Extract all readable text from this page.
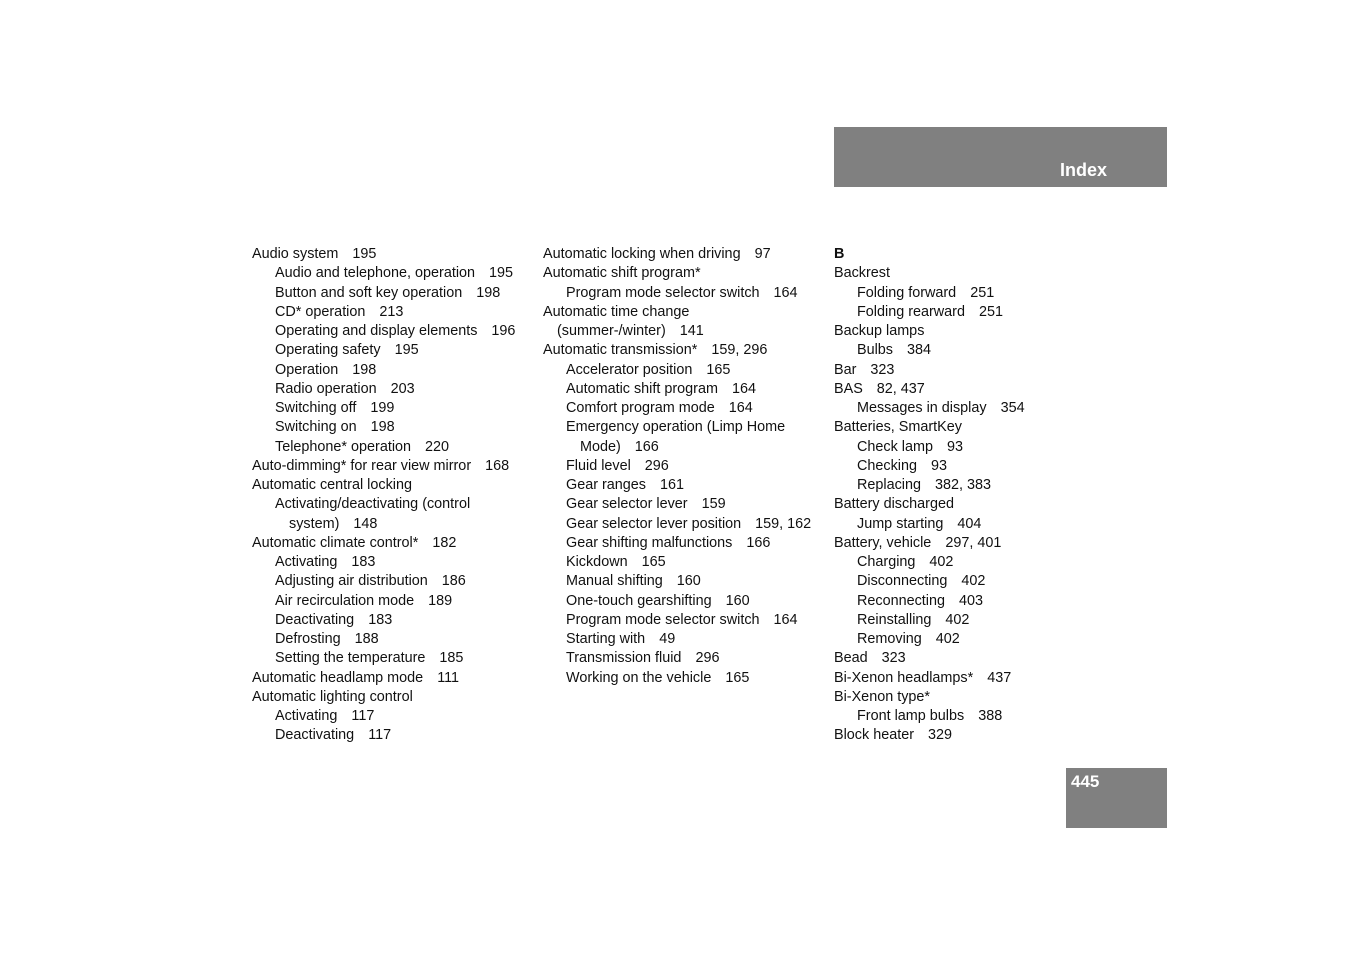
Index
Audio system 195
Audio and telephone, operation 195
Button and soft key operation 198
CD* operation 213
Operating and display elements 196
Operating safety 195
Operation 198
Radio operation 203
Switching off 199
Switching on 198
Telephone* operation 220
Auto-dimming* for rear view mirror 168
Automatic central locking
Activating/deactivating (control
system) 148
Automatic climate control* 182
Activating 183
Adjusting air distribution 186
Air recirculation mode 189
Deactivating 183
Defrosting 188
Setting the temperature 185
Automatic headlamp mode 111
Automatic lighting control
Activating 117
Deactivating 117
Automatic locking when driving 97
Automatic shift program*
Program mode selector switch 164
Automatic time change
(summer-/winter) 141
Automatic transmission* 159, 296
Accelerator position 165
Automatic shift program 164
Comfort program mode 164
Emergency operation (Limp Home
Mode) 166
Fluid level 296
Gear ranges 161
Gear selector lever 159
Gear selector lever position 159, 162
Gear shifting malfunctions 166
Kickdown 165
Manual shifting 160
One-touch gearshifting 160
Program mode selector switch 164
Starting with 49
Transmission fluid 296
Working on the vehicle 165
B
Backrest
Folding forward 251
Folding rearward 251
Backup lamps
Bulbs 384
Bar 323
BAS 82, 437
Messages in display 354
Batteries, SmartKey
Check lamp 93
Checking 93
Replacing 382, 383
Battery discharged
Jump starting 404
Battery, vehicle 297, 401
Charging 402
Disconnecting 402
Reconnecting 403
Reinstalling 402
Removing 402
Bead 323
Bi-Xenon headlamps* 437
Bi-Xenon type*
Front lamp bulbs 388
Block heater 329
445
